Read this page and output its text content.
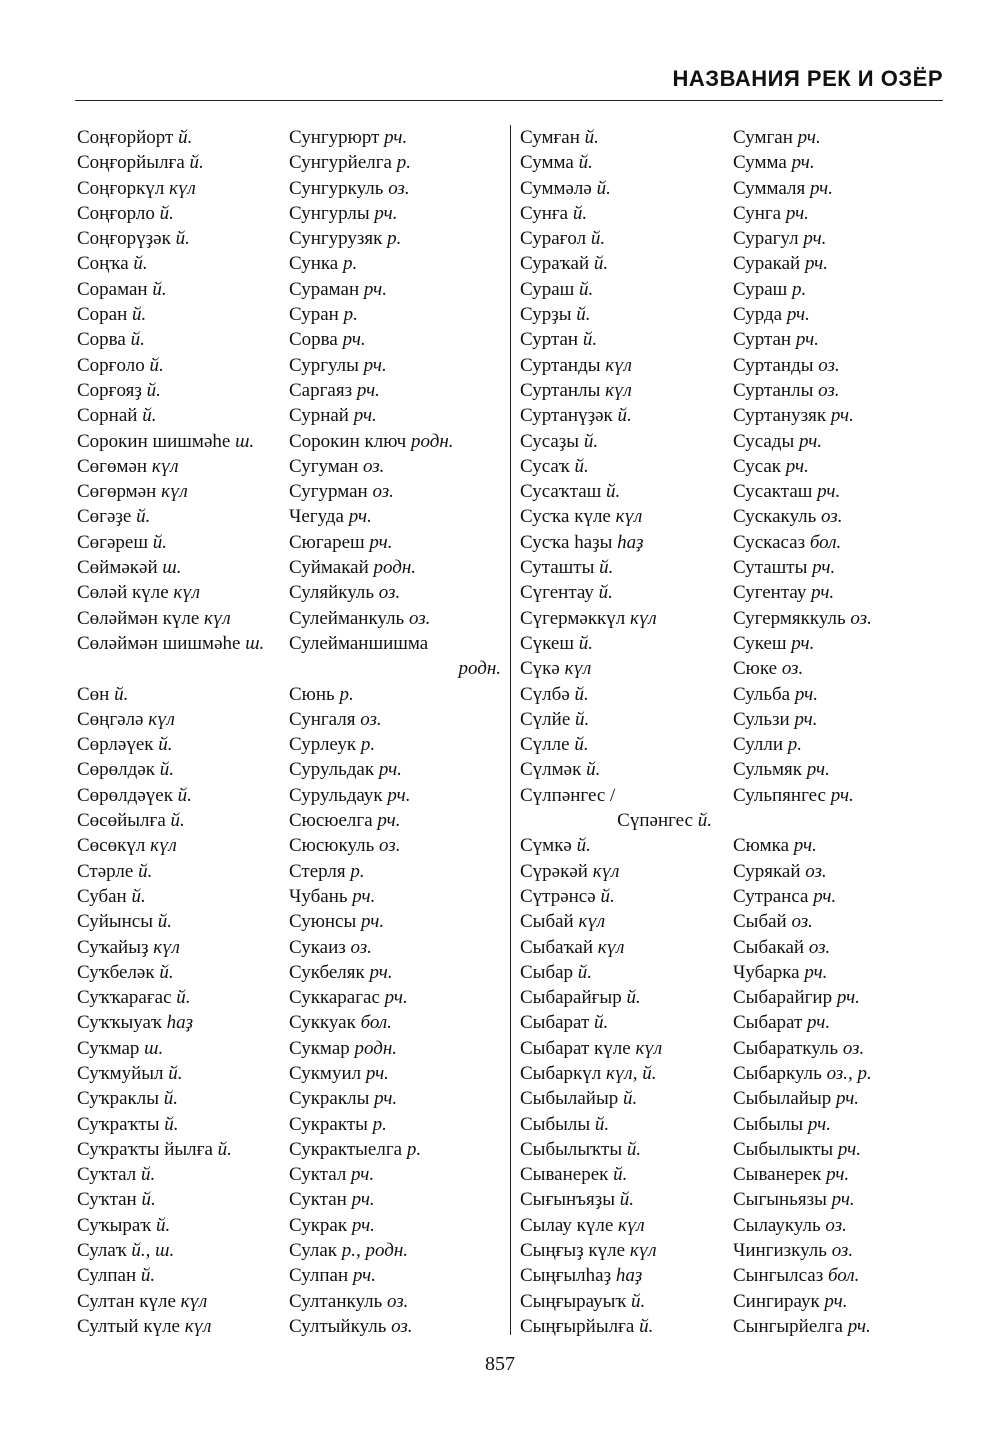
НАЗВАНИЯ РЕК И ОЗЁР
Соңғорйорт й.
Соңғорйылға й.
Соңғоркүл күл
Соңғорло й.
Соңғорүҙәк й.
Соңҡа й.
Сораман й.
Соран й.
Сорва й.
Сорғоло й.
Сорғояҙ й.
Сорнай й.
Сорокин шишмәһе ш.
Сөгөмән күл
Сөгөрмән күл
Сөгәҙе й.
Сөгәреш й.
Сөймәкәй ш.
Сөләй күле күл
Сөләймән күле күл
Сөләймән шишмәһе ш.
Сөн й.
Сөңгәлә күл
Сөрләүек й.
Сөрөлдәк й.
Сөрөлдәүек й.
Сөсөйылға й.
Сөсөкүл күл
Стәрле й.
Субан й.
Суйынсы й.
Суҡайыҙ күл
Суҡбеләк й.
Суҡҡарағас й.
Суҡҡыуаҡ һаҙ
Суҡмар ш.
Суҡмуйыл й.
Суҡраклы й.
Суҡраҡты й.
Суҡраҡты йылға й.
Суҡтал й.
Суҡтан й.
Суҡыраҡ й.
Сулаҡ й., ш.
Сулпан й.
Султан күле күл
Султый күле күл
Сунгурюрт рч.
Сунгурйелга р.
Сунгуркуль оз.
Сунгурлы рч.
Сунгурузяк р.
Сунка р.
Сураман рч.
Суран р.
Сорва рч.
Сургулы рч.
Саргаяз рч.
Сурнай рч.
Сорокин ключ родн.
Сугуман оз.
Сугурман оз.
Чегуда рч.
Сюгареш рч.
Суймакай родн.
Суляйкуль оз.
Сулейманкуль оз.
Сулейманшишма
родн.
Сюнь р.
Сунгаля оз.
Сурлеук р.
Сурульдак рч.
Сурульдаук рч.
Сюсюелга рч.
Сюсюкуль оз.
Стерля р.
Чубань рч.
Суюнсы рч.
Сукаиз оз.
Сукбеляк рч.
Суккарагас рч.
Суккуак бол.
Сукмар родн.
Сукмуил рч.
Сукраклы рч.
Сукракты р.
Сукрактыелга р.
Суктал рч.
Суктан рч.
Сукрак рч.
Сулак р., родн.
Сулпан рч.
Султанкуль оз.
Султыйкуль оз.
Сумған й.
Сумма й.
Суммәлә й.
Сунға й.
Сурағол й.
Сураҡай й.
Сураш й.
Сурҙы й.
Суртан й.
Суртанды күл
Суртанлы күл
Суртанүҙәк й.
Сусаҙы й.
Сусаҡ й.
Сусаҡташ й.
Сусҡа күле күл
Сусҡа һаҙы һаҙ
Суташты й.
Сүгентау й.
Сүгермәккүл күл
Сүкеш й.
Сүкә күл
Сүлбә й.
Сүлйе й.
Сүлле й.
Сүлмәк й.
Сүлпәнгес /
Сүпәнгес й.
Сүмкә й.
Сүрәкәй күл
Сүтрәнсә й.
Сыбай күл
Сыбаҡай күл
Сыбар й.
Сыбарайғыр й.
Сыбарат й.
Сыбарат күле күл
Сыбаркүл күл, й.
Сыбылайыр й.
Сыбылы й.
Сыбылыҡты й.
Сыванерек й.
Сығынъяҙы й.
Сылау күле күл
Сыңғыҙ күле күл
Сыңғылһаҙ һаҙ
Сыңғырауыҡ й.
Сыңғырйылға й.
Сумган рч.
Сумма рч.
Суммаля рч.
Сунга рч.
Сурагул рч.
Суракай рч.
Сураш р.
Сурда рч.
Суртан рч.
Суртанды оз.
Суртанлы оз.
Суртанузяк рч.
Сусады рч.
Сусак рч.
Сусакташ рч.
Сускакуль оз.
Сускасаз бол.
Суташты рч.
Сугентау рч.
Сугермяккуль оз.
Сукеш рч.
Сюке оз.
Сульба рч.
Сульзи рч.
Сулли р.
Сульмяк рч.
Сульпянгес рч.
Сюмка рч.
Сурякай оз.
Сутранса рч.
Сыбай оз.
Сыбакай оз.
Чубарка рч.
Сыбарайгир рч.
Сыбарат рч.
Сыбараткуль оз.
Сыбаркуль оз., р.
Сыбылайыр рч.
Сыбылы рч.
Сыбылыкты рч.
Сыванерек рч.
Сыгыньязы рч.
Сылаукуль оз.
Чингизкуль оз.
Сынгылсаз бол.
Сингираук рч.
Сынгырйелга рч.
857
